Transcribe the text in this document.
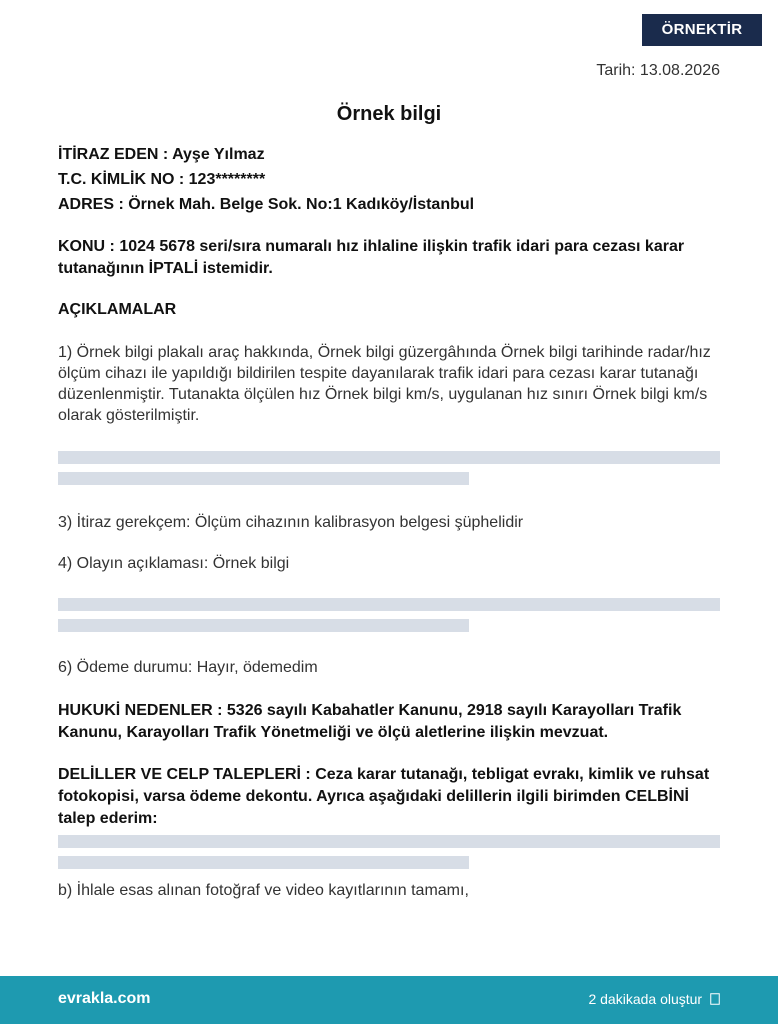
ÖRNEKTİR
Tarih: 13.08.2026
Örnek bilgi
İTİRAZ EDEN : Ayşe Yılmaz
T.C. KİMLİK NO : 123********
ADRES : Örnek Mah. Belge Sok. No:1 Kadıköy/İstanbul
KONU : 1024 5678 seri/sıra numaralı hız ihlaline ilişkin trafik idari para cezası karar tutanağının İPTALİ istemidir.
AÇIKLAMALAR
1) Örnek bilgi plakalı araç hakkında, Örnek bilgi güzergâhında Örnek bilgi tarihinde radar/hız ölçüm cihazı ile yapıldığı bildirilen tespite dayanılarak trafik idari para cezası karar tutanağı düzenlenmiştir. Tutanakta ölçülen hız Örnek bilgi km/s, uygulanan hız sınırı Örnek bilgi km/s olarak gösterilmiştir.
3) İtiraz gerekçem: Ölçüm cihazının kalibrasyon belgesi şüphelidir
4) Olayın açıklaması: Örnek bilgi
6) Ödeme durumu: Hayır, ödemedim
HUKUKİ NEDENLER : 5326 sayılı Kabahatler Kanunu, 2918 sayılı Karayolları Trafik Kanunu, Karayolları Trafik Yönetmeliği ve ölçü aletlerine ilişkin mevzuat.
DELİLLER VE CELP TALEPLERİ : Ceza karar tutanağı, tebligat evrakı, kimlik ve ruhsat fotokopisi, varsa ödeme dekontu. Ayrıca aşağıdaki delillerin ilgili birimden CELBİNİ talep ederim:
b) İhlale esas alınan fotoğraf ve video kayıtlarının tamamı,
evrakla.com	2 dakikada oluştur
